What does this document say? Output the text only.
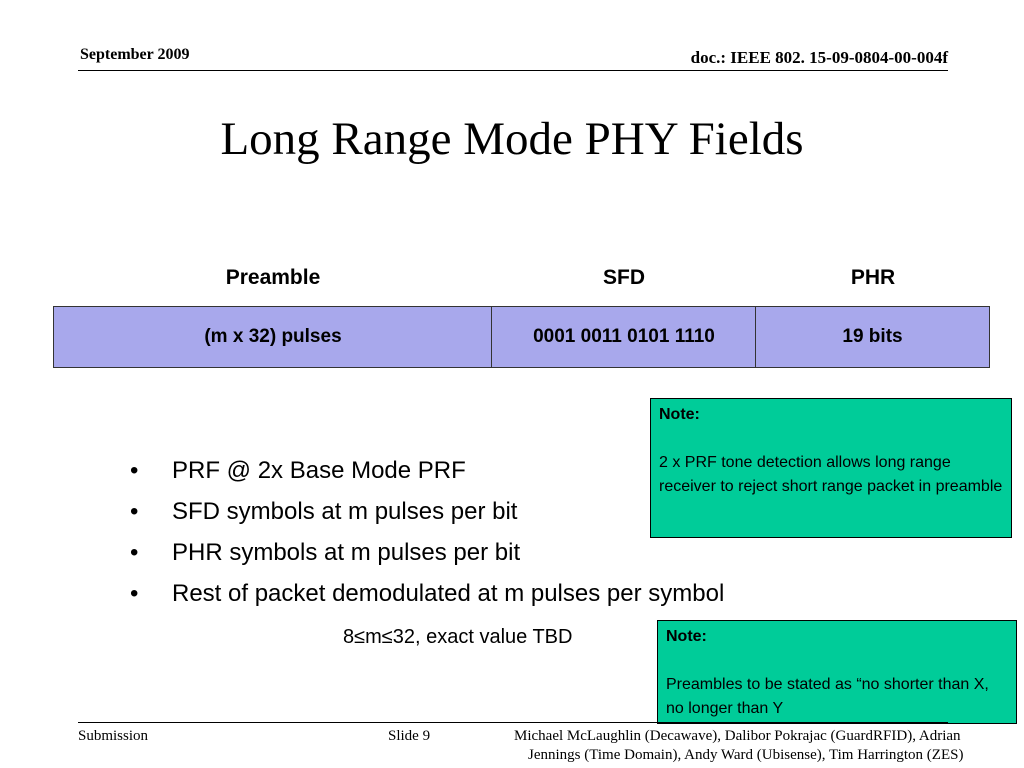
September 2009	doc.: IEEE 802. 15-09-0804-00-004f
Long Range Mode PHY Fields
Preamble	SFD	PHR
(m x 32) pulses	0001 0011 0101 1110	19 bits
Note:
2 x PRF tone detection allows long range receiver to reject short range packet in preamble
• PRF @ 2x Base Mode PRF
• SFD symbols at m pulses per bit
• PHR symbols at m pulses per bit
• Rest of packet demodulated at m pulses per symbol
8≤m≤32, exact value TBD	Note:
Preambles to be stated as “no shorter than X, no longer than Y
Submission	Slide 9	Michael McLaughlin (Decawave), Dalibor Pokrajac (GuardRFID), Adrian
Jennings (Time Domain), Andy Ward (Ubisense), Tim Harrington (ZES)
